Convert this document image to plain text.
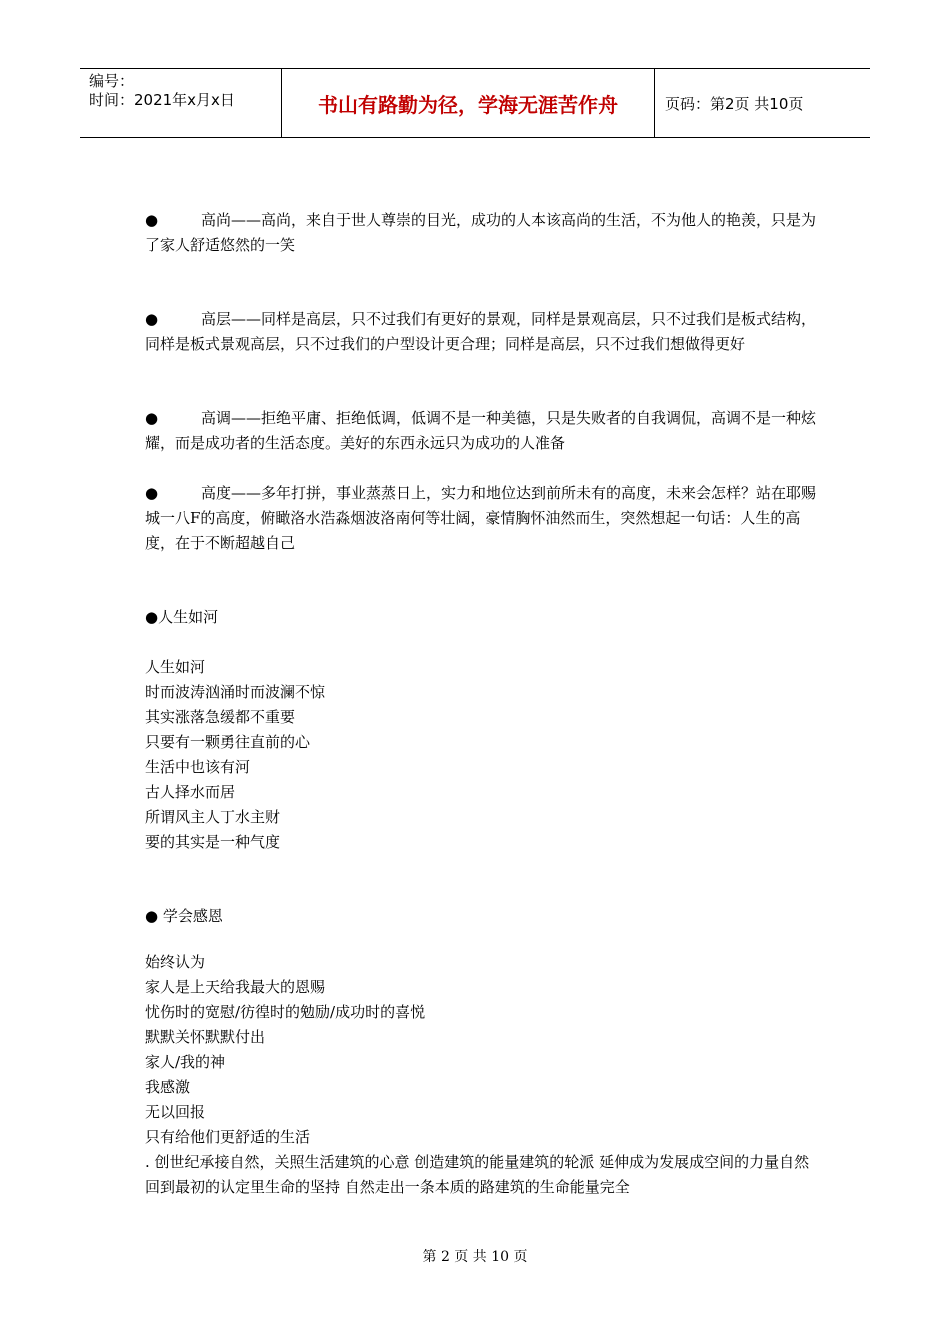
编号：
时间：2021年x月x日	书山有路勤为径，学海无涯苦作舟	页码：第2页 共10页

●	高尚——高尚，来自于世人尊崇的目光，成功的人本该高尚的生活，不为他人的艳羡，只是为了家人舒适悠然的一笑

●	高层——同样是高层，只不过我们有更好的景观，同样是景观高层，只不过我们是板式结构，同样是板式景观高层，只不过我们的户型设计更合理；同样是高层，只不过我们想做得更好

●	高调——拒绝平庸、拒绝低调，低调不是一种美德，只是失败者的自我调侃，高调不是一种炫耀，而是成功者的生活态度。美好的东西永远只为成功的人准备

●	高度——多年打拼，事业蒸蒸日上，实力和地位达到前所未有的高度，未来会怎样？站在耶赐城一八F的高度，俯瞰洛水浩淼烟波洛南何等壮阔，豪情胸怀油然而生，突然想起一句话：人生的高度，在于不断超越自己

●人生如河

人生如河

时而波涛汹涌时而波澜不惊

其实涨落急缓都不重要

只要有一颗勇往直前的心

生活中也该有河

古人择水而居

所谓风主人丁水主财

要的其实是一种气度

● 学会感恩

始终认为

家人是上天给我最大的恩赐

忧伤时的宽慰/彷徨时的勉励/成功时的喜悦

默默关怀默默付出

家人/我的神

我感激

无以回报

只有给他们更舒适的生活

. 创世纪承接自然，关照生活建筑的心意 创造建筑的能量建筑的轮派 延伸成为发展成空间的力量自然 回到最初的认定里生命的坚持 自然走出一条本质的路建筑的生命能量完全

第 2 页 共 10 页
